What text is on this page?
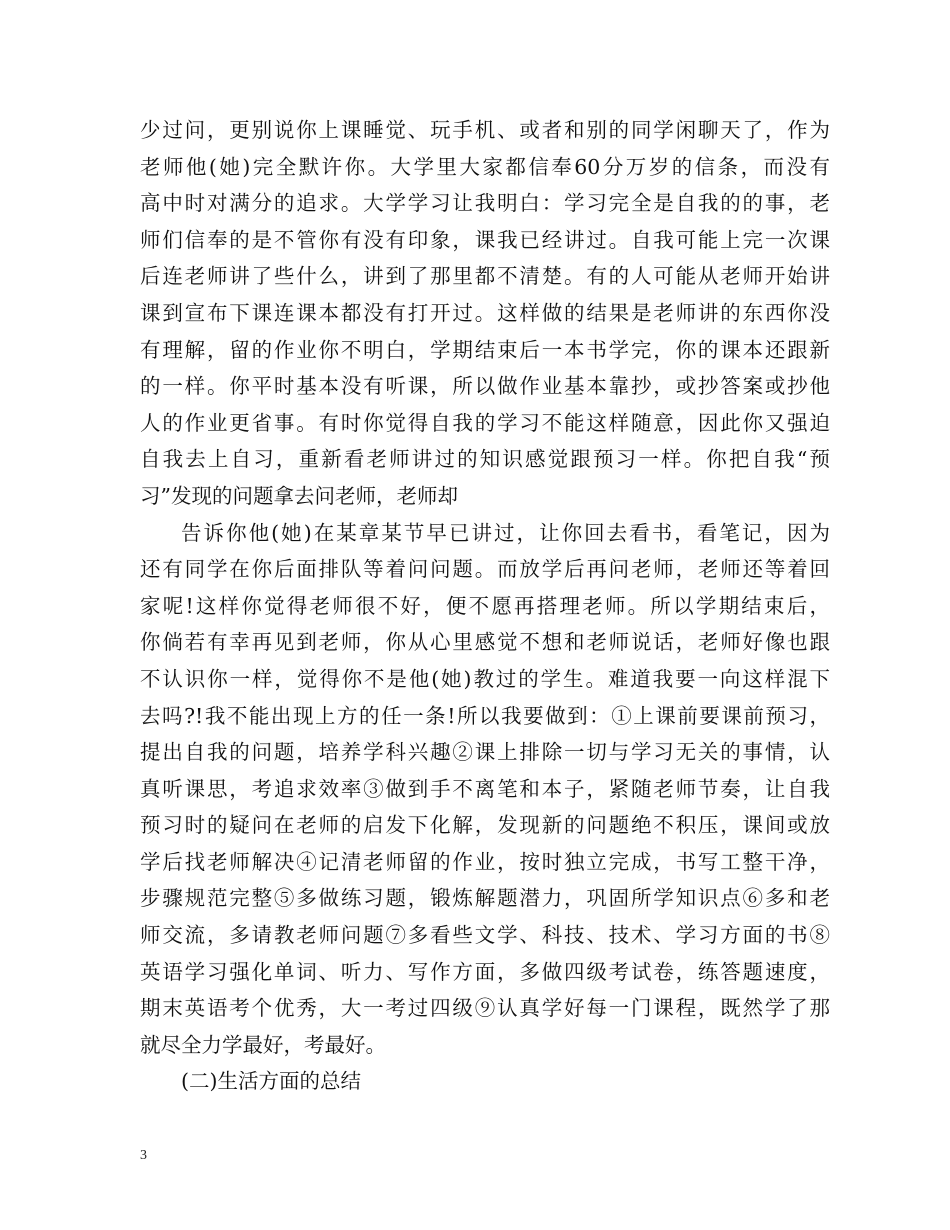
少过问，更别说你上课睡觉、玩手机、或者和别的同学闲聊天了，作为
老师他(她)完全默许你。大学里大家都信奉60分万岁的信条，而没有
高中时对满分的追求。大学学习让我明白：学习完全是自我的的事，老
师们信奉的是不管你有没有印象，课我已经讲过。自我可能上完一次课
后连老师讲了些什么，讲到了那里都不清楚。有的人可能从老师开始讲
课到宣布下课连课本都没有打开过。这样做的结果是老师讲的东西你没
有理解，留的作业你不明白，学期结束后一本书学完，你的课本还跟新
的一样。你平时基本没有听课，所以做作业基本靠抄，或抄答案或抄他
人的作业更省事。有时你觉得自我的学习不能这样随意，因此你又强迫
自我去上自习，重新看老师讲过的知识感觉跟预习一样。你把自我“预
习”发现的问题拿去问老师，老师却
告诉你他(她)在某章某节早已讲过，让你回去看书，看笔记，因为
还有同学在你后面排队等着问问题。而放学后再问老师，老师还等着回
家呢!这样你觉得老师很不好，便不愿再搭理老师。所以学期结束后，
你倘若有幸再见到老师，你从心里感觉不想和老师说话，老师好像也跟
不认识你一样，觉得你不是他(她)教过的学生。难道我要一向这样混下
去吗?!我不能出现上方的任一条!所以我要做到：①上课前要课前预习，
提出自我的问题，培养学科兴趣②课上排除一切与学习无关的事情，认
真听课思，考追求效率③做到手不离笔和本子，紧随老师节奏，让自我
预习时的疑问在老师的启发下化解，发现新的问题绝不积压，课间或放
学后找老师解决④记清老师留的作业，按时独立完成，书写工整干净，
步骤规范完整⑤多做练习题，锻炼解题潜力，巩固所学知识点⑥多和老
师交流，多请教老师问题⑦多看些文学、科技、技术、学习方面的书⑧
英语学习强化单词、听力、写作方面，多做四级考试卷，练答题速度，
期末英语考个优秀，大一考过四级⑨认真学好每一门课程，既然学了那
就尽全力学最好，考最好。
(二)生活方面的总结
3
